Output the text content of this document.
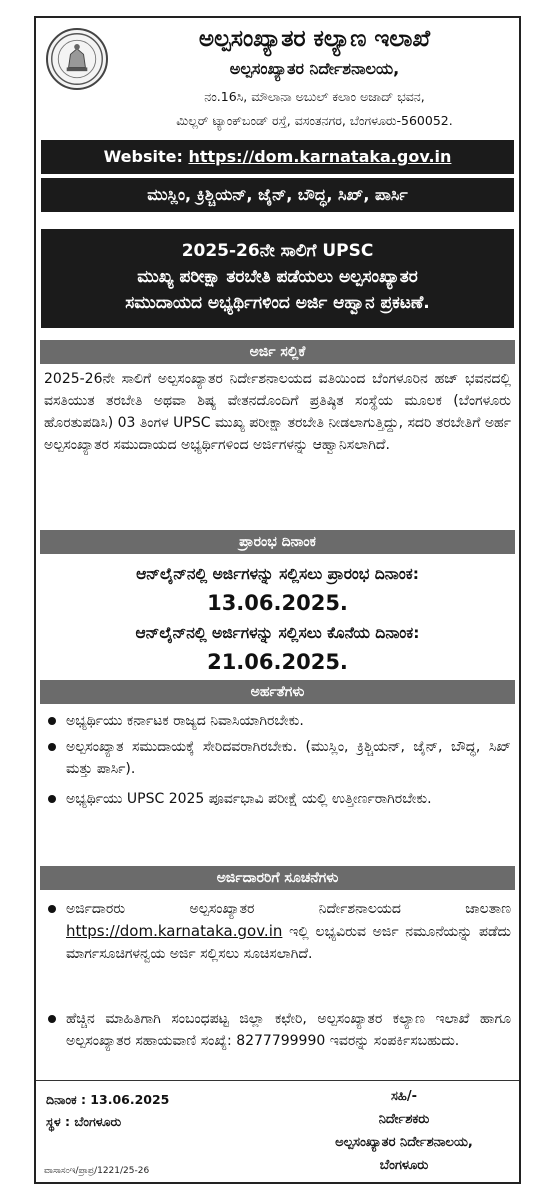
ಅಲ್ಪಸಂಖ್ಯಾತರ ಕಲ್ಯಾಣ ಇಲಾಖೆ
ಅಲ್ಪಸಂಖ್ಯಾತರ ನಿರ್ದೇಶನಾಲಯ,
ನಂ.16ಸಿ, ಮೌಲಾನಾ ಅಬುಲ್ ಕಲಾಂ ಅಜಾದ್ ಭವನ,
ಮಿಲ್ಲರ್ ಟ್ಯಾಂಕ್‌ಬಂಡ್ ರಸ್ತೆ, ವಸಂತನಗರ, ಬೆಂಗಳೂರು-560052.
Website: https://dom.karnataka.gov.in
ಮುಸ್ಲಿಂ, ಕ್ರಿಶ್ಚಿಯನ್, ಜೈನ್, ಬೌದ್ಧ, ಸಿಖ್, ಪಾರ್ಸಿ
2025-26ನೇ ಸಾಲಿಗೆ UPSC
ಮುಖ್ಯ ಪರೀಕ್ಷಾ ತರಬೇತಿ ಪಡೆಯಲು ಅಲ್ಪಸಂಖ್ಯಾತರ
ಸಮುದಾಯದ ಅಭ್ಯರ್ಥಿಗಳಿಂದ ಅರ್ಜಿ ಆಹ್ವಾನ ಪ್ರಕಟಣೆ.
ಅರ್ಜಿ ಸಲ್ಲಿಕೆ
2025-26ನೇ ಸಾಲಿಗೆ ಅಲ್ಪಸಂಖ್ಯಾತರ ನಿರ್ದೇಶನಾಲಯದ ವತಿಯಿಂದ ಬೆಂಗಳೂರಿನ ಹಜ್ ಭವನದಲ್ಲಿ ವಸತಿಯುತ ತರಬೇತಿ ಅಥವಾ ಶಿಷ್ಯ ವೇತನದೊಂದಿಗೆ ಪ್ರತಿಷ್ಠಿತ ಸಂಸ್ಥೆಯ ಮೂಲಕ (ಬೆಂಗಳೂರು ಹೊರತುಪಡಿಸಿ) 03 ತಿಂಗಳ UPSC ಮುಖ್ಯ ಪರೀಕ್ಷಾ ತರಬೇತಿ ನೀಡಲಾಗುತ್ತಿದ್ದು, ಸದರಿ ತರಬೇತಿಗೆ ಅರ್ಹ ಅಲ್ಪಸಂಖ್ಯಾತರ ಸಮುದಾಯದ ಅಭ್ಯರ್ಥಿಗಳಿಂದ ಅರ್ಜಿಗಳನ್ನು ಆಹ್ವಾನಿಸಲಾಗಿದೆ.
ಪ್ರಾರಂಭ ದಿನಾಂಕ
ಆನ್‌ಲೈನ್‌ನಲ್ಲಿ ಅರ್ಜಿಗಳನ್ನು ಸಲ್ಲಿಸಲು ಪ್ರಾರಂಭ ದಿನಾಂಕ:
13.06.2025.
ಆನ್‌ಲೈನ್‌ನಲ್ಲಿ ಅರ್ಜಿಗಳನ್ನು ಸಲ್ಲಿಸಲು ಕೊನೆಯ ದಿನಾಂಕ:
21.06.2025.
ಅರ್ಹತೆಗಳು
ಅಭ್ಯರ್ಥಿಯು ಕರ್ನಾಟಕ ರಾಜ್ಯದ ನಿವಾಸಿಯಾಗಿರಬೇಕು.
ಅಲ್ಪಸಂಖ್ಯಾತ ಸಮುದಾಯಕ್ಕೆ ಸೇರಿದವರಾಗಿರಬೇಕು. (ಮುಸ್ಲಿಂ, ಕ್ರಿಶ್ಚಿಯನ್, ಜೈನ್, ಬೌದ್ಧ, ಸಿಖ್ ಮತ್ತು ಪಾರ್ಸಿ).
ಅಭ್ಯರ್ಥಿಯು UPSC 2025 ಪೂರ್ವಭಾವಿ ಪರೀಕ್ಷೆ ಯಲ್ಲಿ ಉತ್ತೀರ್ಣರಾಗಿರಬೇಕು.
ಅರ್ಜಿದಾರರಿಗೆ ಸೂಚನೆಗಳು
ಅರ್ಜಿದಾರರು ಅಲ್ಪಸಂಖ್ಯಾತರ ನಿರ್ದೇಶನಾಲಯದ ಜಾಲತಾಣ https://dom.karnataka.gov.in ಇಲ್ಲಿ ಲಭ್ಯವಿರುವ ಅರ್ಜಿ ನಮೂನೆಯನ್ನು ಪಡೆದು ಮಾರ್ಗಸೂಚಿಗಳನ್ವಯ ಅರ್ಜಿ ಸಲ್ಲಿಸಲು ಸೂಚಿಸಲಾಗಿದೆ.
ಹೆಚ್ಚಿನ ಮಾಹಿತಿಗಾಗಿ ಸಂಬಂಧಪಟ್ಟ ಜಿಲ್ಲಾ ಕಛೇರಿ, ಅಲ್ಪಸಂಖ್ಯಾತರ ಕಲ್ಯಾಣ ಇಲಾಖೆ ಹಾಗೂ ಅಲ್ಪಸಂಖ್ಯಾತರ ಸಹಾಯವಾಣಿ ಸಂಖ್ಯೆ: 8277799990 ಇವರನ್ನು ಸಂಪರ್ಕಿಸಬಹುದು.
ದಿನಾಂಕ : 13.06.2025
ಸ್ಥಳ : ಬೆಂಗಳೂರು
ಸಹಿ/-
ನಿರ್ದೇಶಕರು
ಅಲ್ಪಸಂಖ್ಯಾತರ ನಿರ್ದೇಶನಾಲಯ,
ಬೆಂಗಳೂರು
ವಾಸಾಸಂಇ/ಪ್ರಾಪ್ರ/1221/25-26
